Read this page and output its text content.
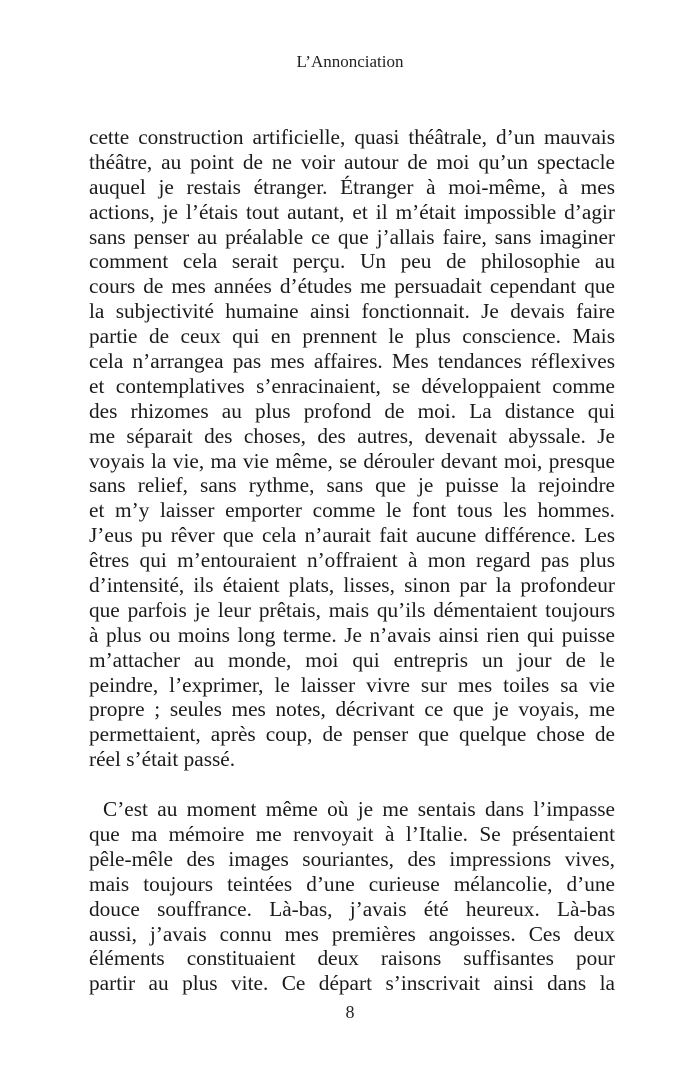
L’Annonciation
cette construction artificielle, quasi théâtrale, d’un mauvais
théâtre, au point de ne voir autour de moi qu’un spectacle
auquel je restais étranger. Étranger à moi-même, à mes
actions, je l’étais tout autant, et il m’était impossible d’agir
sans penser au préalable ce que j’allais faire, sans imaginer
comment cela serait perçu. Un peu de philosophie au
cours de mes années d’études me persuadait cependant que
la subjectivité humaine ainsi fonctionnait. Je devais faire
partie de ceux qui en prennent le plus conscience. Mais
cela n’arrangea pas mes affaires. Mes tendances réflexives
et contemplatives s’enracinaient, se développaient comme
des rhizomes au plus profond de moi. La distance qui
me séparait des choses, des autres, devenait abyssale. Je
voyais la vie, ma vie même, se dérouler devant moi, presque
sans relief, sans rythme, sans que je puisse la rejoindre
et m’y laisser emporter comme le font tous les hommes.
J’eus pu rêver que cela n’aurait fait aucune différence. Les
êtres qui m’entouraient n’offraient à mon regard pas plus
d’intensité, ils étaient plats, lisses, sinon par la profondeur
que parfois je leur prêtais, mais qu’ils démentaient toujours
à plus ou moins long terme. Je n’avais ainsi rien qui puisse
m’attacher au monde, moi qui entrepris un jour de le
peindre, l’exprimer, le laisser vivre sur mes toiles sa vie
propre ; seules mes notes, décrivant ce que je voyais, me
permettaient, après coup, de penser que quelque chose de
réel s’était passé.
C’est au moment même où je me sentais dans l’impasse
que ma mémoire me renvoyait à l’Italie. Se présentaient
pêle-mêle des images souriantes, des impressions vives,
mais toujours teintées d’une curieuse mélancolie, d’une
douce souffrance. Là-bas, j’avais été heureux. Là-bas
aussi, j’avais connu mes premières angoisses. Ces deux
éléments constituaient deux raisons suffisantes pour
partir au plus vite. Ce départ s’inscrivait ainsi dans la
8
